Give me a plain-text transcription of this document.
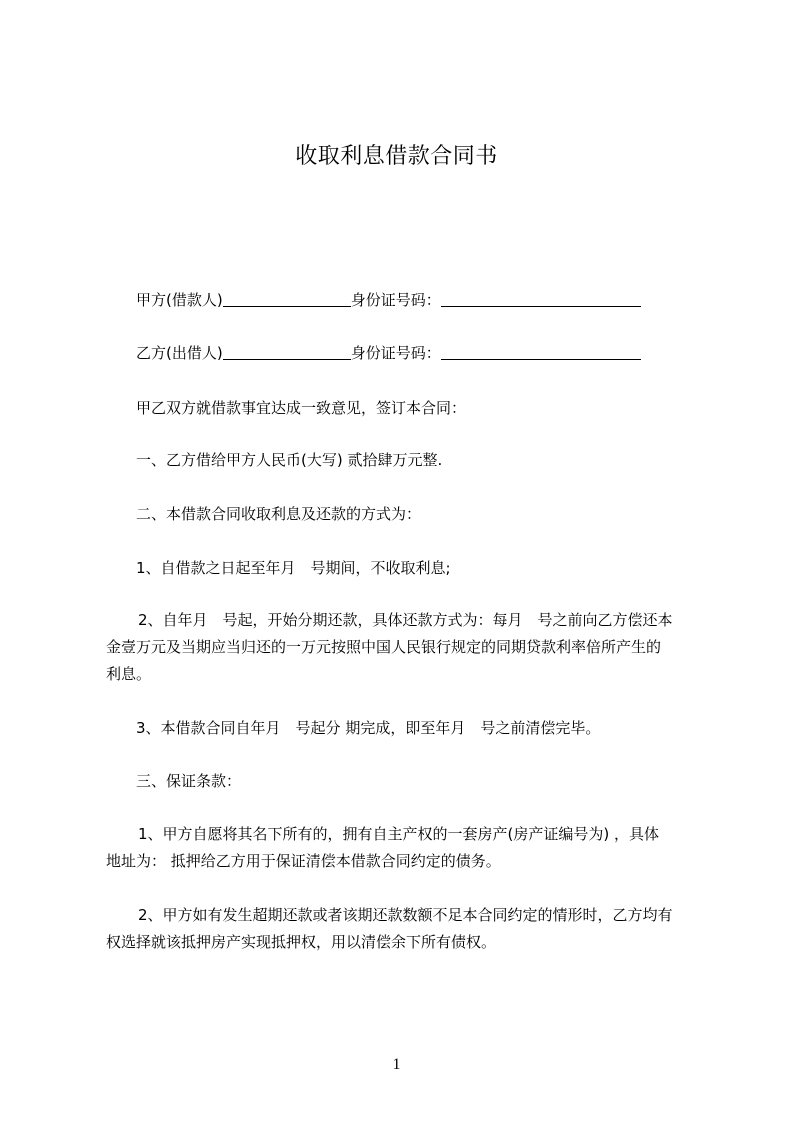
收取利息借款合同书
甲方(借款人)	身份证号码：
乙方(出借人)	身份证号码：
甲乙双方就借款事宜达成一致意见，签订本合同：
一、乙方借给甲方人民币(大写) 贰拾肆万元整.
二、本借款合同收取利息及还款的方式为：
1、自借款之日起至年月　号期间，不收取利息;
2、自年月　号起，开始分期还款，具体还款方式为：每月　号之前向乙方偿还本
金壹万元及当期应当归还的一万元按照中国人民银行规定的同期贷款利率倍所产生的
利息。
3、本借款合同自年月　号起分 期完成，即至年月　号之前清偿完毕。
三、保证条款：
1、甲方自愿将其名下所有的，拥有自主产权的一套房产(房产证编号为) ，具体
地址为： 抵押给乙方用于保证清偿本借款合同约定的债务。
2、甲方如有发生超期还款或者该期还款数额不足本合同约定的情形时，乙方均有
权选择就该抵押房产实现抵押权，用以清偿余下所有债权。
1
